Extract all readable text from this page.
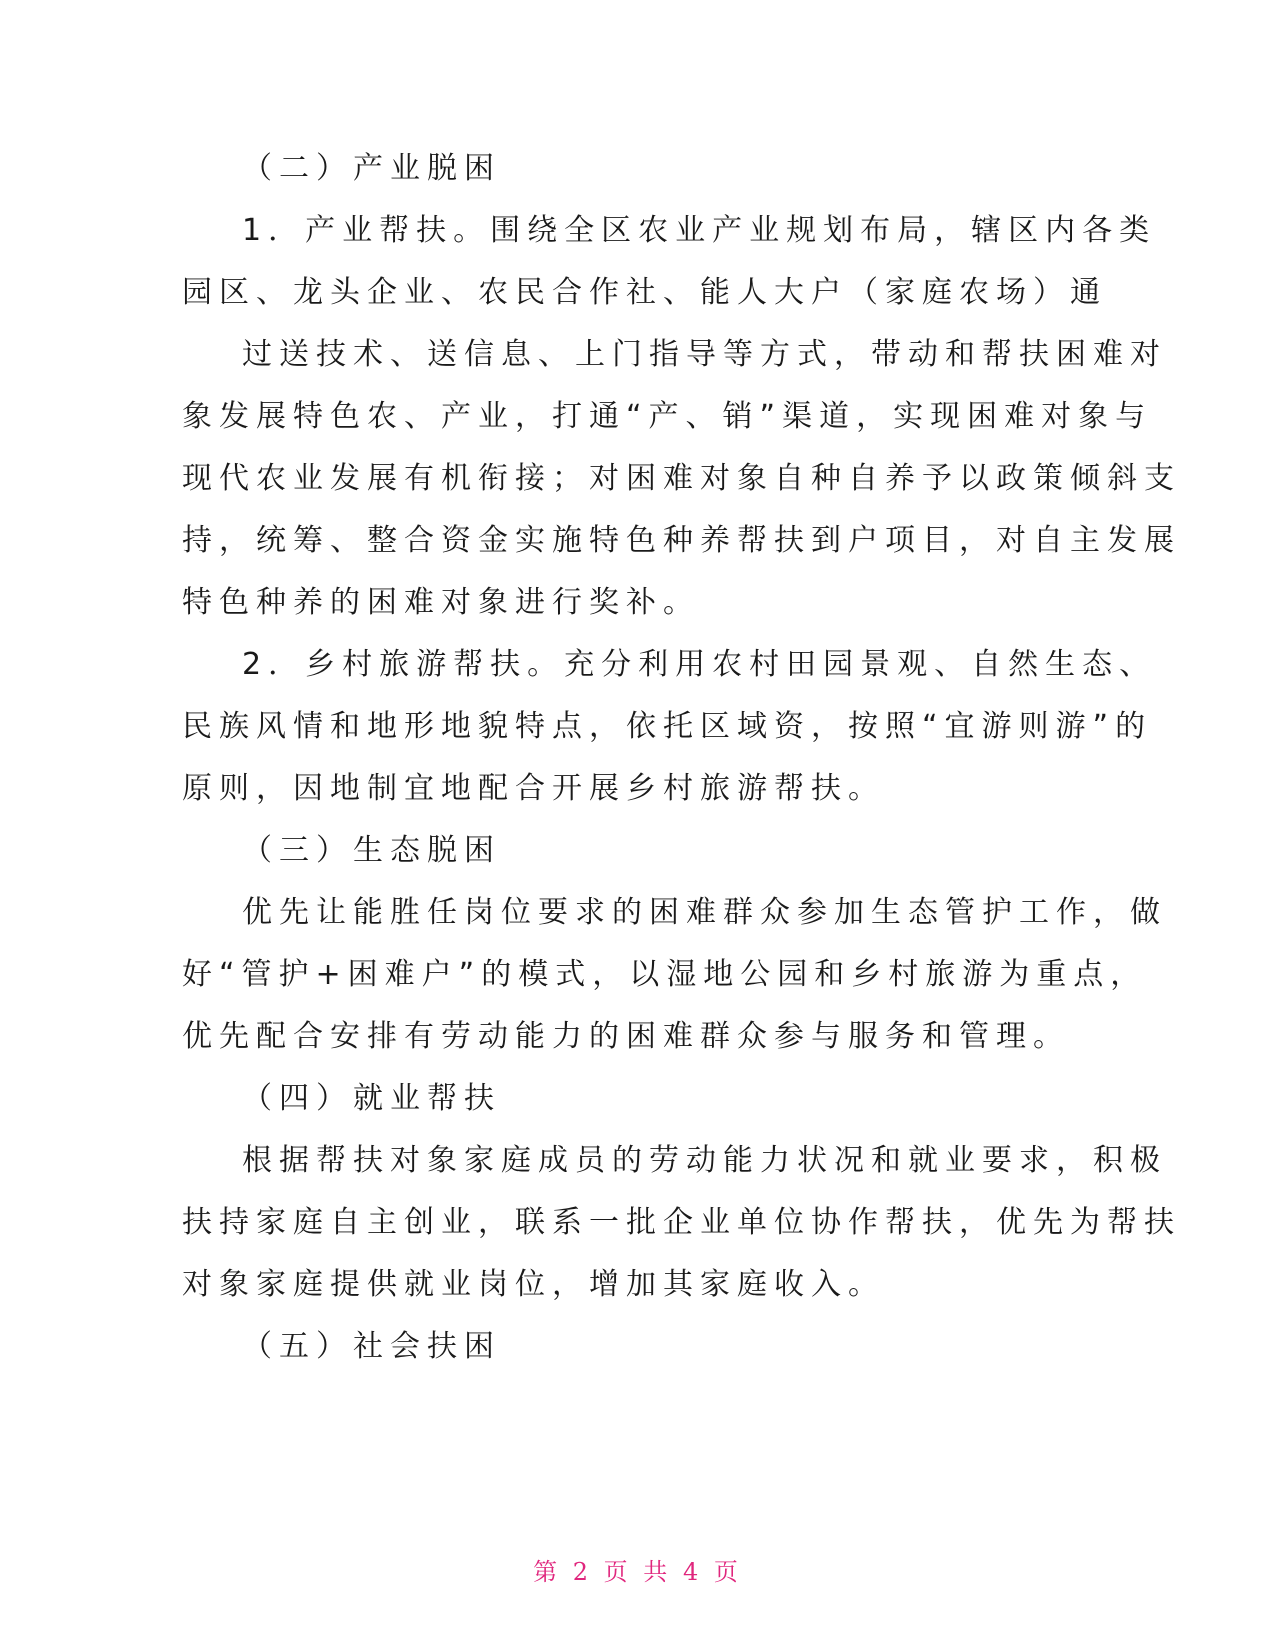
（二）产业脱困
1．产业帮扶。围绕全区农业产业规划布局，辖区内各类
园区、龙头企业、农民合作社、能人大户（家庭农场）通
过送技术、送信息、上门指导等方式，带动和帮扶困难对
象发展特色农、产业，打通“产、销”渠道，实现困难对象与
现代农业发展有机衔接；对困难对象自种自养予以政策倾斜支
持，统筹、整合资金实施特色种养帮扶到户项目，对自主发展
特色种养的困难对象进行奖补。
2．乡村旅游帮扶。充分利用农村田园景观、自然生态、
民族风情和地形地貌特点，依托区域资，按照“宜游则游”的
原则，因地制宜地配合开展乡村旅游帮扶。
（三）生态脱困
优先让能胜任岗位要求的困难群众参加生态管护工作，做
好“管护+困难户”的模式，以湿地公园和乡村旅游为重点，
优先配合安排有劳动能力的困难群众参与服务和管理。
（四）就业帮扶
根据帮扶对象家庭成员的劳动能力状况和就业要求，积极
扶持家庭自主创业，联系一批企业单位协作帮扶，优先为帮扶
对象家庭提供就业岗位，增加其家庭收入。
（五）社会扶困
第 2 页 共 4 页
